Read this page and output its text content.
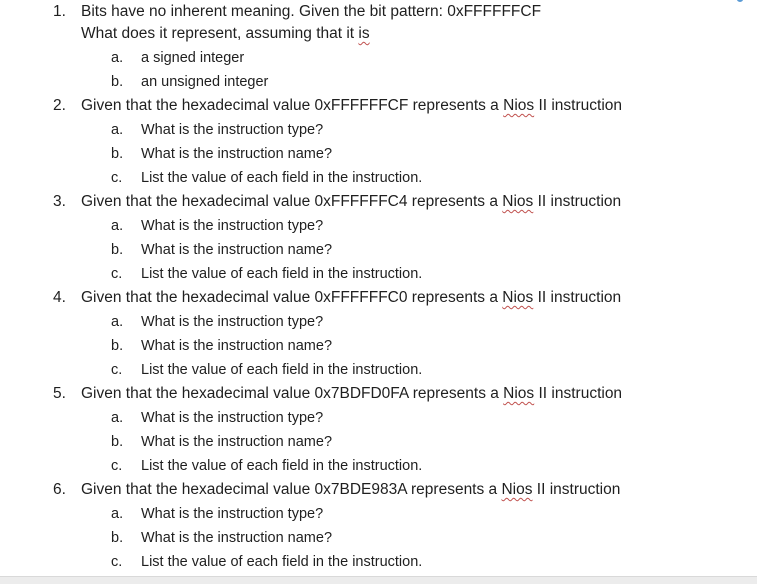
1. Bits have no inherent meaning. Given the bit pattern: 0xFFFFFFCF
What does it represent, assuming that it is
a. a signed integer
b. an unsigned integer
2. Given that the hexadecimal value 0xFFFFFFCF represents a Nios II instruction
a. What is the instruction type?
b. What is the instruction name?
c. List the value of each field in the instruction.
3. Given that the hexadecimal value 0xFFFFFFC4 represents a Nios II instruction
a. What is the instruction type?
b. What is the instruction name?
c. List the value of each field in the instruction.
4. Given that the hexadecimal value 0xFFFFFFC0 represents a Nios II instruction
a. What is the instruction type?
b. What is the instruction name?
c. List the value of each field in the instruction.
5. Given that the hexadecimal value 0x7BDFD0FA represents a Nios II instruction
a. What is the instruction type?
b. What is the instruction name?
c. List the value of each field in the instruction.
6. Given that the hexadecimal value 0x7BDE983A represents a Nios II instruction
a. What is the instruction type?
b. What is the instruction name?
c. List the value of each field in the instruction.
